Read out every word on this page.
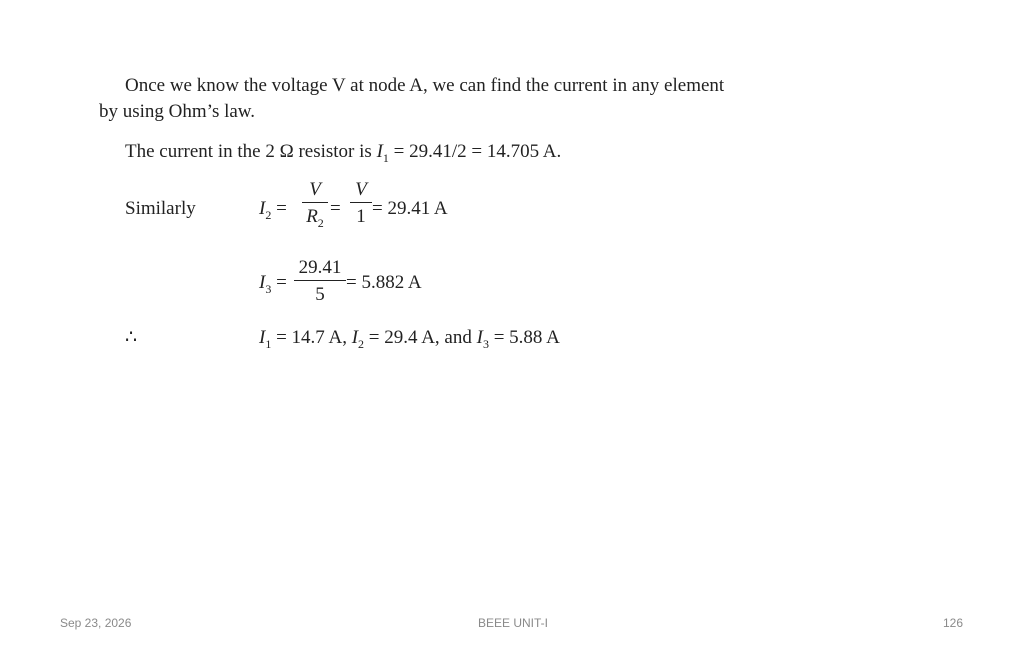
Once we know the voltage V at node A, we can find the current in any element
by using Ohm’s law.
The current in the 2 Ω resistor is $I_1 = 29.41/2 = 14.705$ A.
Similarly	$I_2$ =
V
$R_2$
=
V
1 = 29.41 A
$I_3$ =
29.41
5
= 5.882 A
∴	$I_1 = 14.7$ A, $I_2 = 29.4$ A, and $I_3 = 5.88$ A
Sep 23, 2026	BEEE UNIT-I	126
